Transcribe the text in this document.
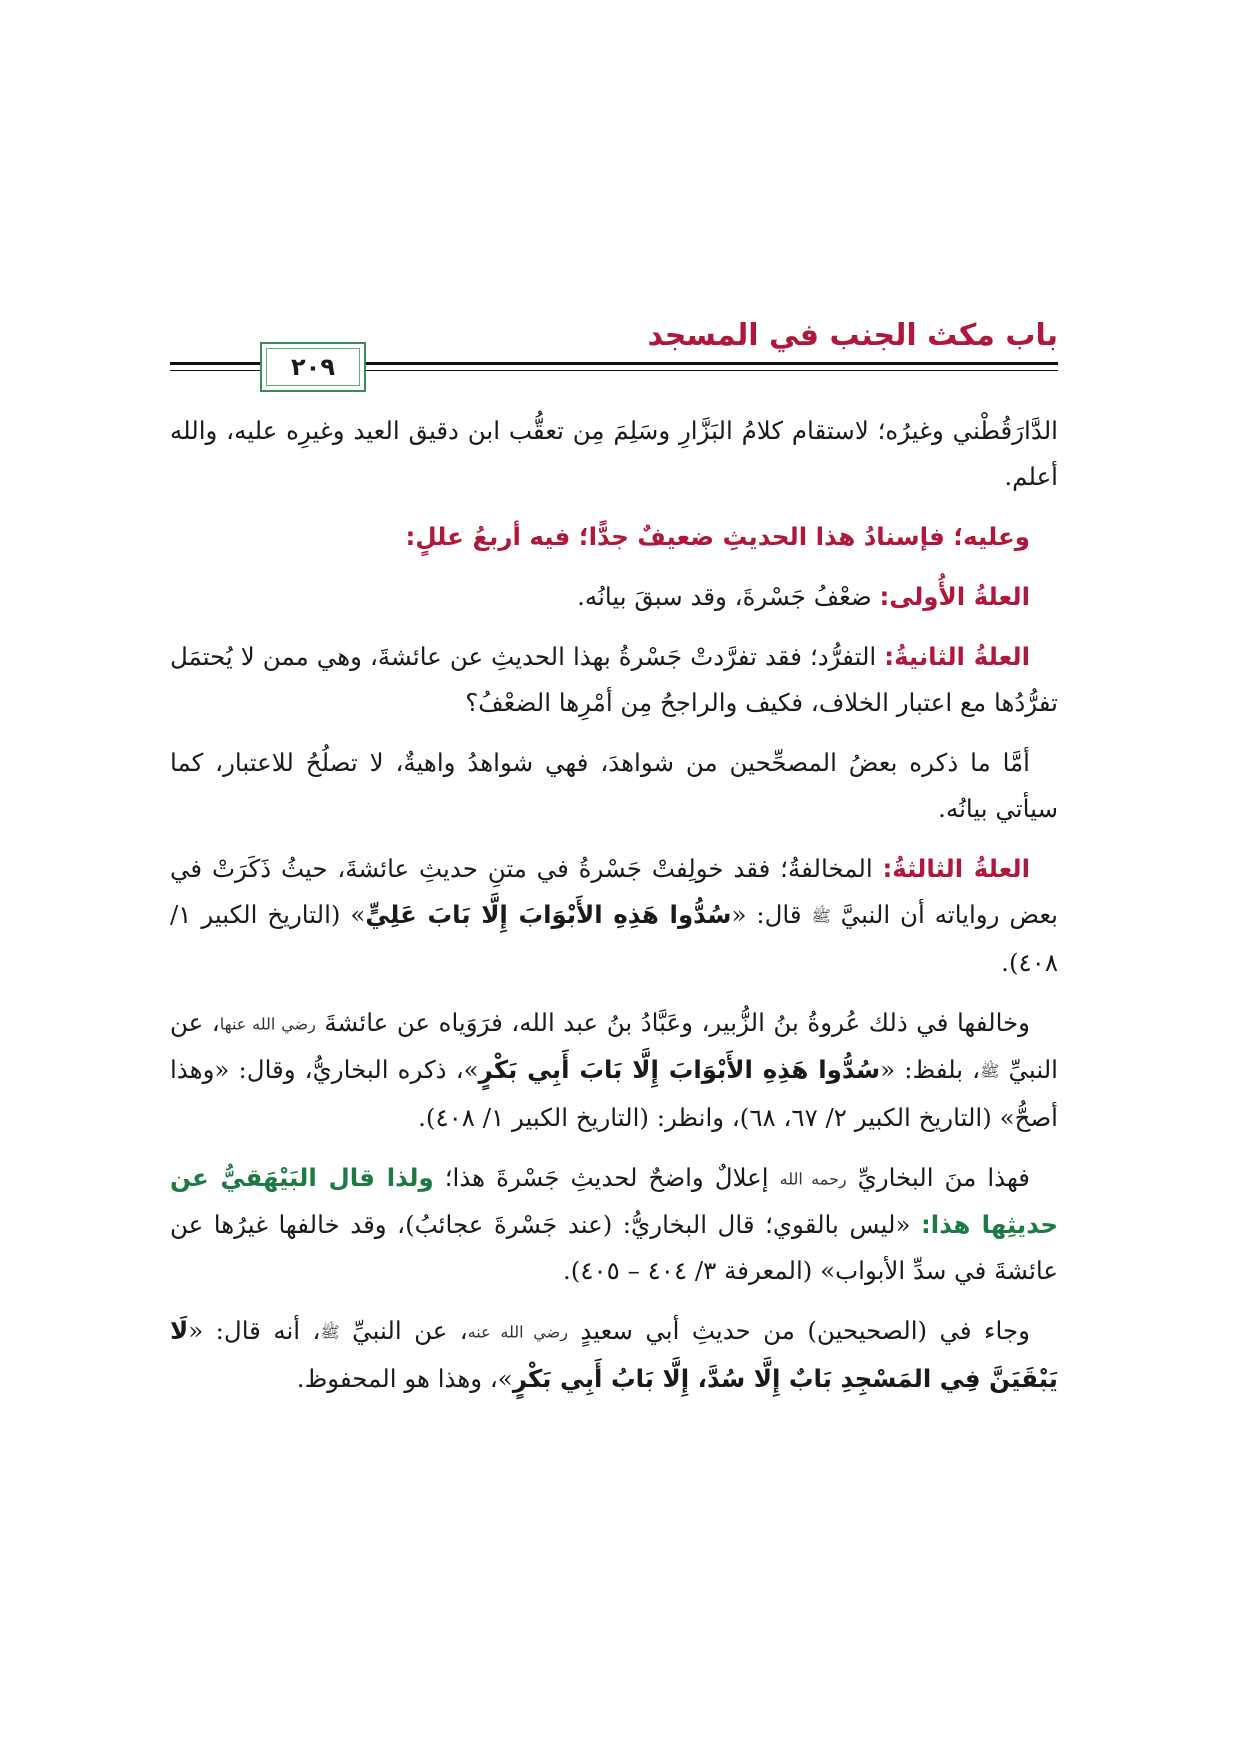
باب مكث الجنب في المسجد
٢٠٩

الدَّارَقُطْني وغيرُه؛ لاستقام كلامُ البَزَّارِ وسَلِمَ مِن تعقُّب ابن دقيق العيد وغيرِه عليه، والله أعلم.

وعليه؛ فإسنادُ هذا الحديثِ ضعيفٌ جدًّا؛ فيه أربعُ عللٍ:

العلةُ الأُولى: ضعْفُ جَسْرةَ، وقد سبقَ بيانُه.

العلةُ الثانيةُ: التفرُّد؛ فقد تفرَّدتْ جَسْرةُ بهذا الحديثِ عن عائشةَ، وهي ممن لا يُحتمَل تفرُّدُها مع اعتبار الخلاف، فكيف والراجحُ مِن أمْرِها الضعْفُ؟

أمَّا ما ذكره بعضُ المصحِّحين من شواهدَ، فهي شواهدُ واهيةٌ، لا تصلُحُ للاعتبار، كما سيأتي بيانُه.

العلةُ الثالثةُ: المخالفةُ؛ فقد خولِفتْ جَسْرةُ في متنِ حديثِ عائشةَ، حيثُ ذَكَرَتْ في بعض رواياته أن النبيَّ ﷺ قال: «سُدُّوا هَذِهِ الأَبْوَابَ إِلَّا بَابَ عَلِيٍّ» (التاريخ الكبير ١/ ٤٠٨).

وخالفها في ذلك عُروةُ بنُ الزُّبير، وعَبَّادُ بنُ عبد الله، فرَوَياه عن عائشةَ رضي الله عنها، عن النبيِّ ﷺ، بلفظ: «سُدُّوا هَذِهِ الأَبْوَابَ إِلَّا بَابَ أَبِي بَكْرٍ»، ذكره البخاريُّ، وقال: «وهذا أصحُّ» (التاريخ الكبير ٢/ ٦٧، ٦٨)، وانظر: (التاريخ الكبير ١/ ٤٠٨).

فهذا منَ البخاريِّ رحمه الله إعلالٌ واضحٌ لحديثِ جَسْرةَ هذا؛ ولذا قال البَيْهَقيُّ عن حديثِها هذا: «ليس بالقوي؛ قال البخاريُّ: (عند جَسْرةَ عجائبُ)، وقد خالفها غيرُها عن عائشةَ في سدِّ الأبواب» (المعرفة ٣/ ٤٠٤ – ٤٠٥).

وجاء في (الصحيحين) من حديثِ أبي سعيدٍ رضي الله عنه، عن النبيِّ ﷺ، أنه قال: «لَا يَبْقَيَنَّ فِي المَسْجِدِ بَابٌ إِلَّا سُدَّ، إِلَّا بَابُ أَبِي بَكْرٍ»، وهذا هو المحفوظ.
